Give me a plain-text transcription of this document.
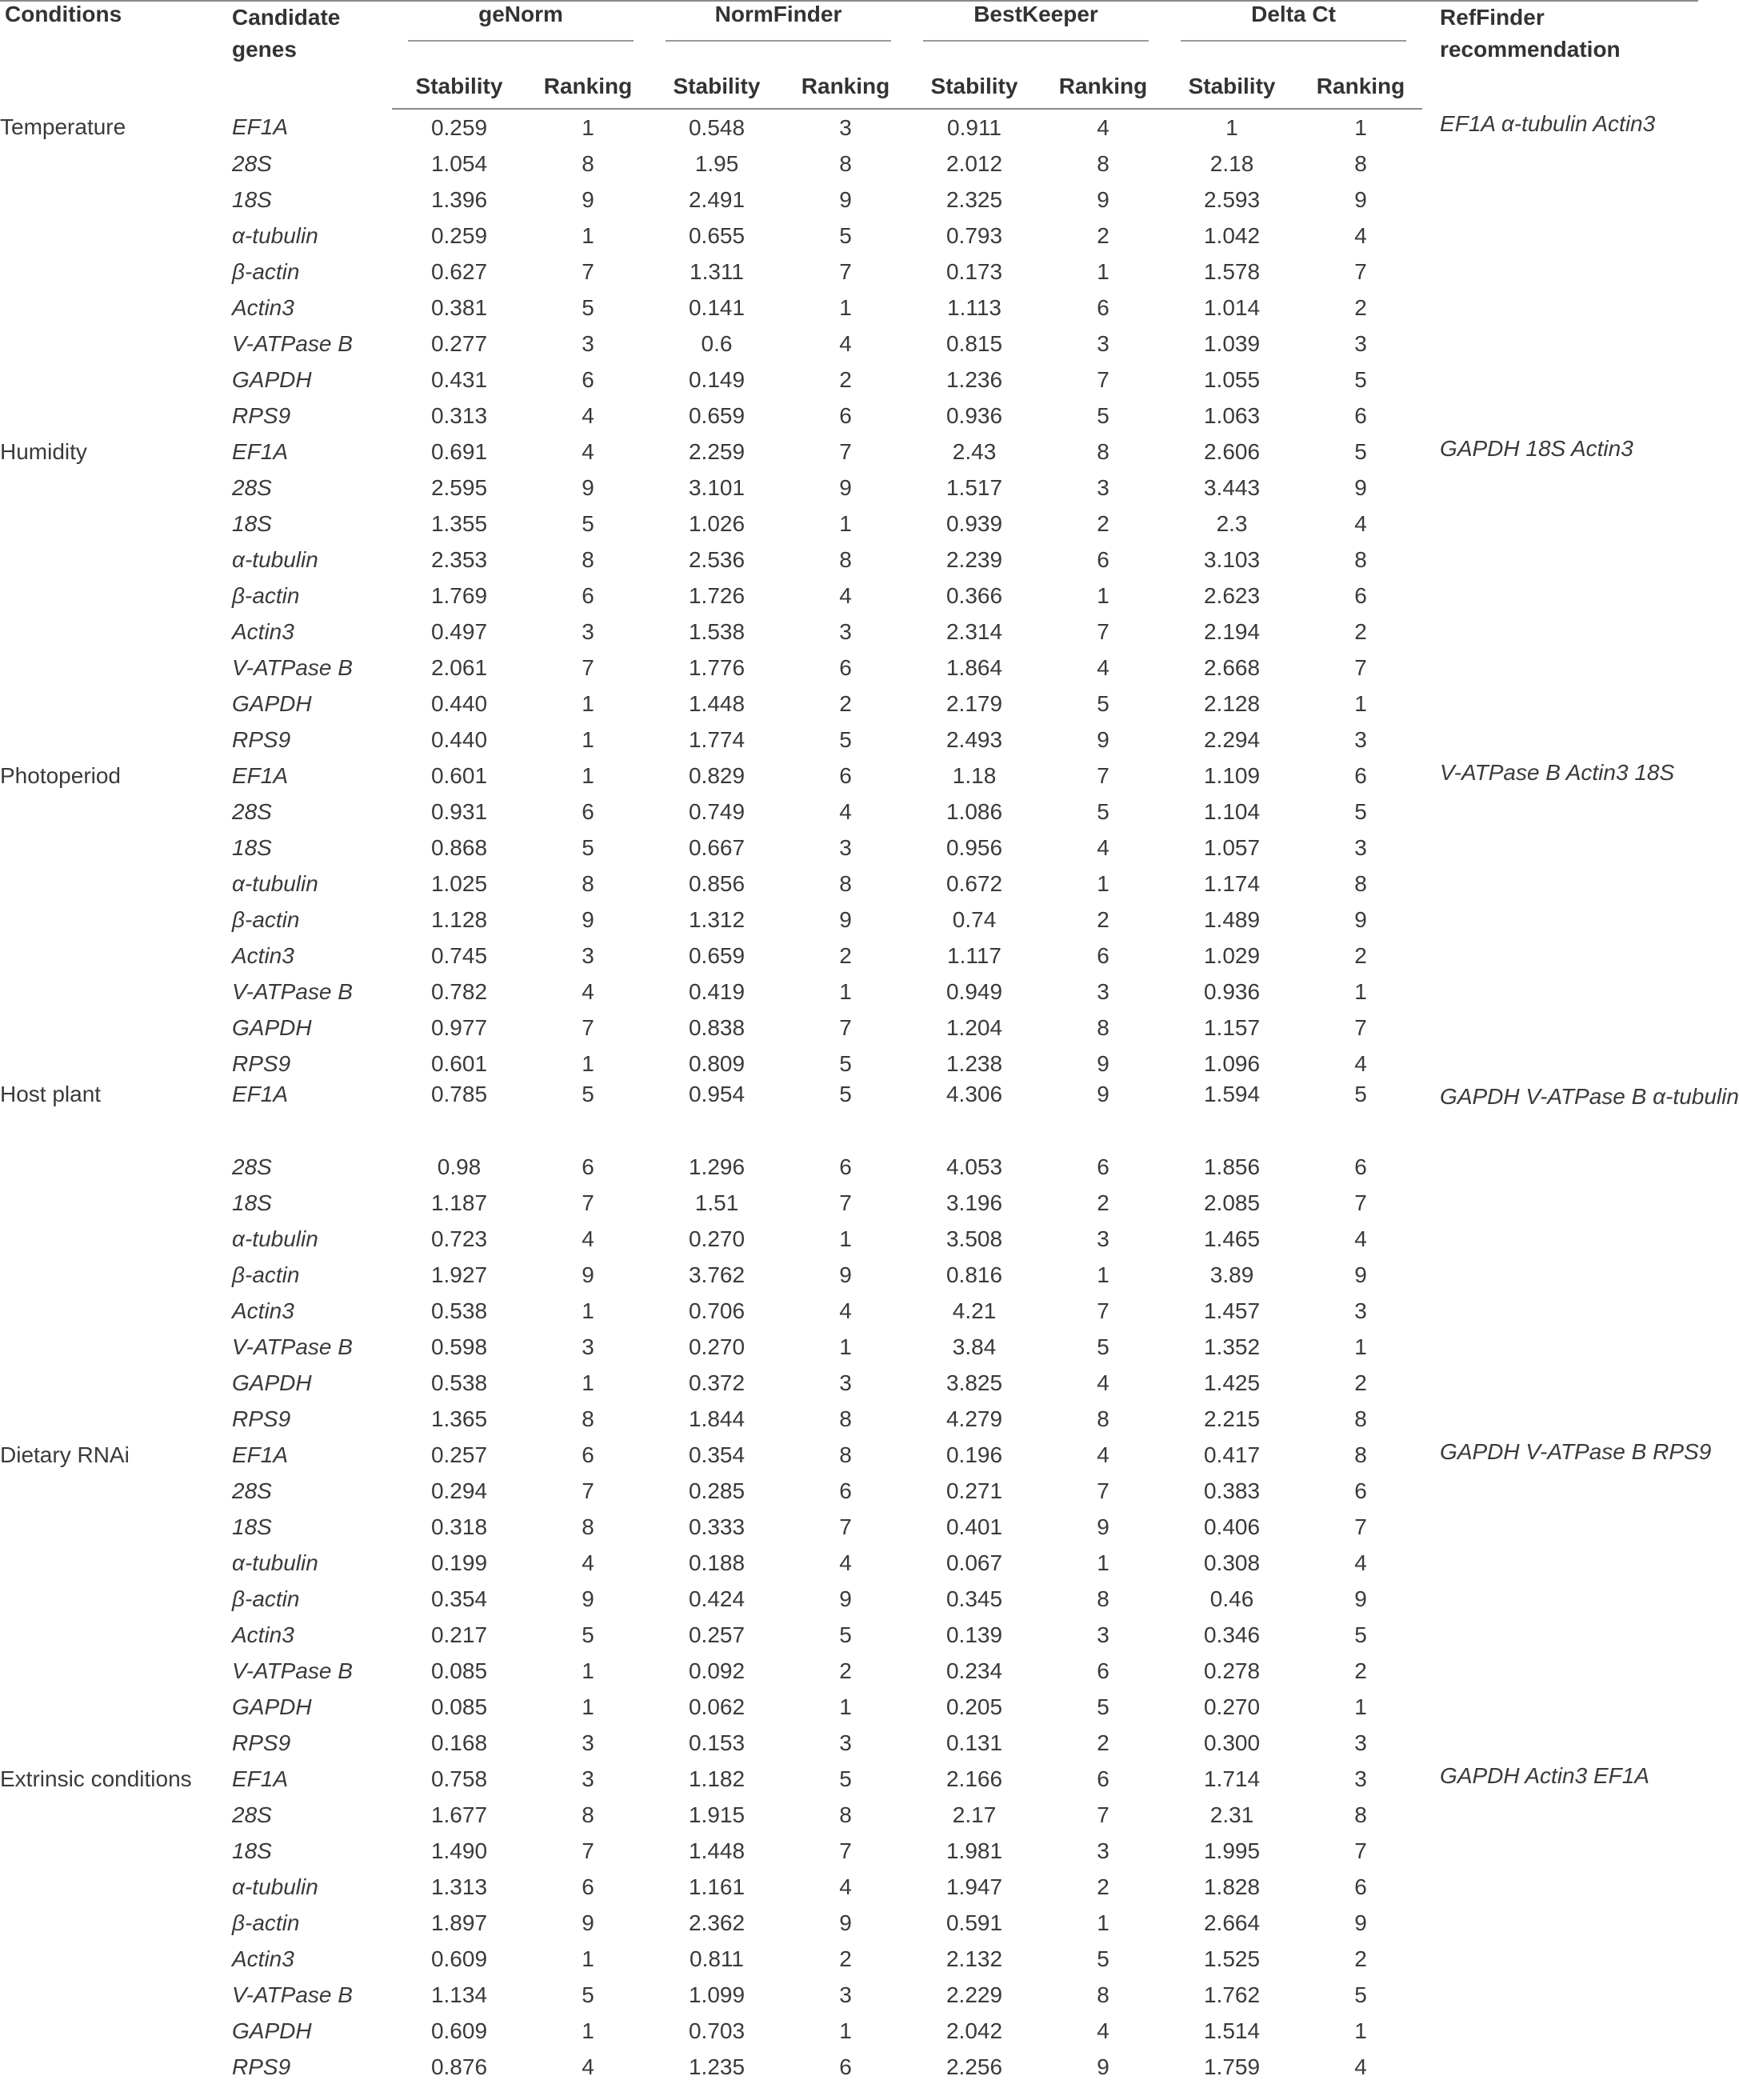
Conditions	Candidate genes	geNorm		NormFinder		BestKeeper		Delta Ct		RefFinder recommendation
		Stability	Ranking	Stability	Ranking	Stability	Ranking	Stability	Ranking	
Temperature	EF1A	0.259	1	0.548	3	0.911	4	1	1	EF1A α-tubulin Actin3
	28S	1.054	8	1.95	8	2.012	8	2.18	8	
	18S	1.396	9	2.491	9	2.325	9	2.593	9	
	α-tubulin	0.259	1	0.655	5	0.793	2	1.042	4	
	β-actin	0.627	7	1.311	7	0.173	1	1.578	7	
	Actin3	0.381	5	0.141	1	1.113	6	1.014	2	
	V-ATPase B	0.277	3	0.6	4	0.815	3	1.039	3	
	GAPDH	0.431	6	0.149	2	1.236	7	1.055	5	
	RPS9	0.313	4	0.659	6	0.936	5	1.063	6	
Humidity	EF1A	0.691	4	2.259	7	2.43	8	2.606	5	GAPDH 18S Actin3
	28S	2.595	9	3.101	9	1.517	3	3.443	9	
	18S	1.355	5	1.026	1	0.939	2	2.3	4	
	α-tubulin	2.353	8	2.536	8	2.239	6	3.103	8	
	β-actin	1.769	6	1.726	4	0.366	1	2.623	6	
	Actin3	0.497	3	1.538	3	2.314	7	2.194	2	
	V-ATPase B	2.061	7	1.776	6	1.864	4	2.668	7	
	GAPDH	0.440	1	1.448	2	2.179	5	2.128	1	
	RPS9	0.440	1	1.774	5	2.493	9	2.294	3	
Photoperiod	EF1A	0.601	1	0.829	6	1.18	7	1.109	6	V-ATPase B Actin3 18S
	28S	0.931	6	0.749	4	1.086	5	1.104	5	
	18S	0.868	5	0.667	3	0.956	4	1.057	3	
	α-tubulin	1.025	8	0.856	8	0.672	1	1.174	8	
	β-actin	1.128	9	1.312	9	0.74	2	1.489	9	
	Actin3	0.745	3	0.659	2	1.117	6	1.029	2	
	V-ATPase B	0.782	4	0.419	1	0.949	3	0.936	1	
	GAPDH	0.977	7	0.838	7	1.204	8	1.157	7	
	RPS9	0.601	1	0.809	5	1.238	9	1.096	4	
Host plant	EF1A	0.785	5	0.954	5	4.306	9	1.594	5	GAPDH V-ATPase B α-tubulin
	28S	0.98	6	1.296	6	4.053	6	1.856	6	
	18S	1.187	7	1.51	7	3.196	2	2.085	7	
	α-tubulin	0.723	4	0.270	1	3.508	3	1.465	4	
	β-actin	1.927	9	3.762	9	0.816	1	3.89	9	
	Actin3	0.538	1	0.706	4	4.21	7	1.457	3	
	V-ATPase B	0.598	3	0.270	1	3.84	5	1.352	1	
	GAPDH	0.538	1	0.372	3	3.825	4	1.425	2	
	RPS9	1.365	8	1.844	8	4.279	8	2.215	8	
Dietary RNAi	EF1A	0.257	6	0.354	8	0.196	4	0.417	8	GAPDH V-ATPase B RPS9
	28S	0.294	7	0.285	6	0.271	7	0.383	6	
	18S	0.318	8	0.333	7	0.401	9	0.406	7	
	α-tubulin	0.199	4	0.188	4	0.067	1	0.308	4	
	β-actin	0.354	9	0.424	9	0.345	8	0.46	9	
	Actin3	0.217	5	0.257	5	0.139	3	0.346	5	
	V-ATPase B	0.085	1	0.092	2	0.234	6	0.278	2	
	GAPDH	0.085	1	0.062	1	0.205	5	0.270	1	
	RPS9	0.168	3	0.153	3	0.131	2	0.300	3	
Extrinsic conditions	EF1A	0.758	3	1.182	5	2.166	6	1.714	3	GAPDH Actin3 EF1A
	28S	1.677	8	1.915	8	2.17	7	2.31	8	
	18S	1.490	7	1.448	7	1.981	3	1.995	7	
	α-tubulin	1.313	6	1.161	4	1.947	2	1.828	6	
	β-actin	1.897	9	2.362	9	0.591	1	2.664	9	
	Actin3	0.609	1	0.811	2	2.132	5	1.525	2	
	V-ATPase B	1.134	5	1.099	3	2.229	8	1.762	5	
	GAPDH	0.609	1	0.703	1	2.042	4	1.514	1	
	RPS9	0.876	4	1.235	6	2.256	9	1.759	4	
